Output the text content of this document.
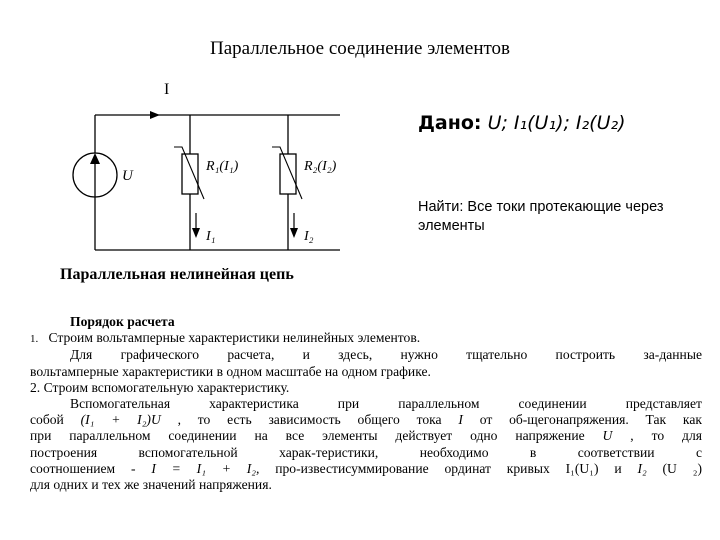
Параллельное соединение элементов
I
U
R₁(I₁)	R₂(I₂)
I₁	I₂
Дано: U; I₁(U₁); I₂(U₂)
Найти: Все токи протекающие через элементы
Параллельная нелинейная цепь
Порядок расчета
1. Строим вольтамперные характеристики нелинейных элементов.
Для графического расчета, и здесь, нужно тщательно построить за-данные
вольтамперные характеристики в одном масштабе на одном графике.
2. Строим вспомогательную характеристику.
Вспомогательная характеристика при параллельном соединении представляет
собой (I₁ + I₂)U , то есть зависимость общего тока I от об-щегонапряжения. Так как
при параллельном соединении на все элементы действует одно напряжение U , то для
построения вспомогательной харак-теристики, необходимо в соответствии с
соотношением - I = I₁ + I₂, про-известисуммирование ординат кривых I₁(U₁) и I₂ (U ₂)
для одних и тех же значений напряжения.
